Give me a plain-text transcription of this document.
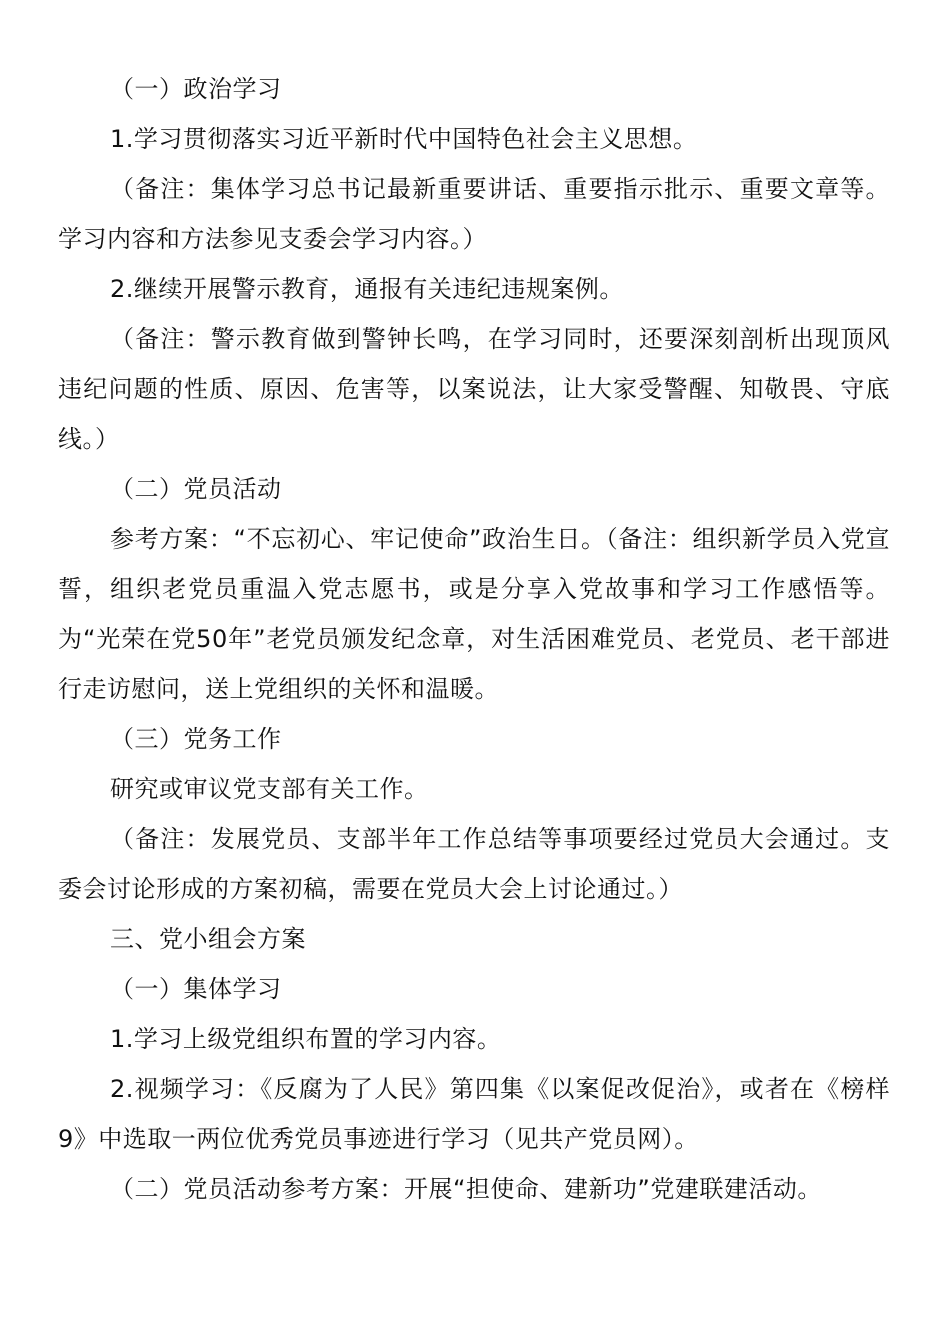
（一）政治学习

1.学习贯彻落实习近平新时代中国特色社会主义思想。

（备注：集体学习总书记最新重要讲话、重要指示批示、重要文章等。学习内容和方法参见支委会学习内容。）

2.继续开展警示教育，通报有关违纪违规案例。

（备注：警示教育做到警钟长鸣，在学习同时，还要深刻剖析出现顶风违纪问题的性质、原因、危害等，以案说法，让大家受警醒、知敬畏、守底线。）

（二）党员活动

参考方案：“不忘初心、牢记使命”政治生日。（备注：组织新学员入党宣誓，组织老党员重温入党志愿书，或是分享入党故事和学习工作感悟等。为“光荣在党50年”老党员颁发纪念章，对生活困难党员、老党员、老干部进行走访慰问，送上党组织的关怀和温暖。

（三）党务工作

研究或审议党支部有关工作。

（备注：发展党员、支部半年工作总结等事项要经过党员大会通过。支委会讨论形成的方案初稿，需要在党员大会上讨论通过。）

三、党小组会方案

（一）集体学习

1.学习上级党组织布置的学习内容。

2.视频学习：《反腐为了人民》第四集《以案促改促治》，或者在《榜样9》中选取一两位优秀党员事迹进行学习（见共产党员网）。

（二）党员活动参考方案：开展“担使命、建新功”党建联建活动。
